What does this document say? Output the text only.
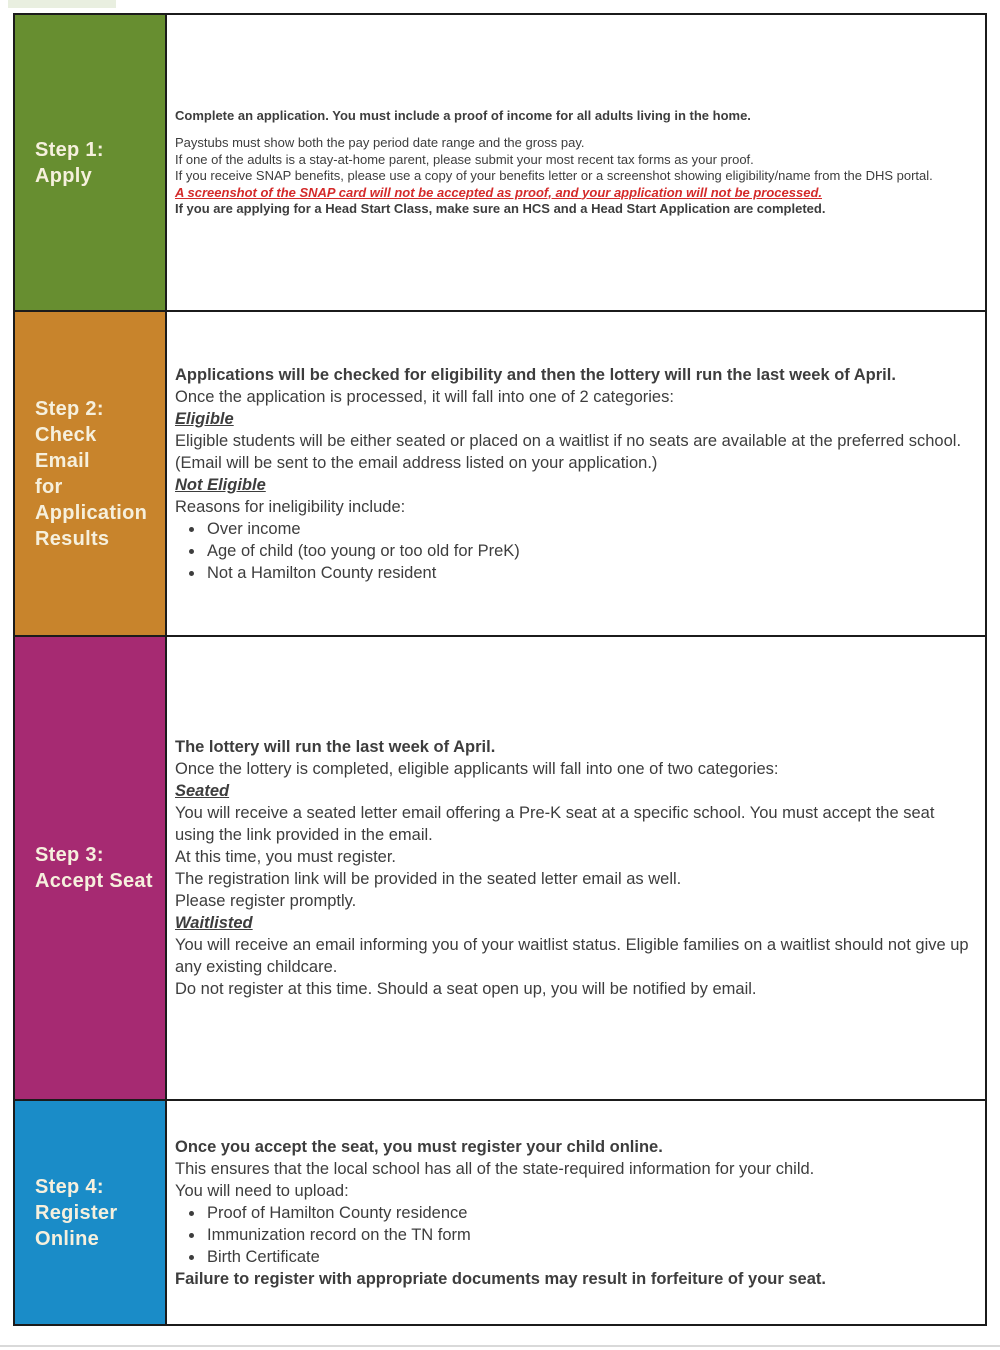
Step 1:
Apply

Complete an application. You must include a proof of income for all adults living in the home.

Paystubs must show both the pay period date range and the gross pay.

If one of the adults is a stay-at-home parent, please submit your most recent tax forms as your proof.

If you receive SNAP benefits, please use a copy of your benefits letter or a screenshot showing eligibility/name from the DHS portal.

A screenshot of the SNAP card will not be accepted as proof, and your application will not be processed.

If you are applying for a Head Start Class, make sure an HCS and a Head Start Application are completed.

Step 2:
Check Email
for
Application
Results

Applications will be checked for eligibility and then the lottery will run the last week of April.

Once the application is processed, it will fall into one of 2 categories:

Eligible

Eligible students will be either seated or placed on a waitlist if no seats are available at the preferred school. (Email will be sent to the email address listed on your application.)

Not Eligible

Reasons for ineligibility include:

• Over income
• Age of child (too young or too old for PreK)
• Not a Hamilton County resident
Step 3:
Accept Seat

The lottery will run the last week of April.

Once the lottery is completed, eligible applicants will fall into one of two categories:

Seated

You will receive a seated letter email offering a Pre-K seat at a specific school. You must accept the seat using the link provided in the email.

At this time, you must register.

The registration link will be provided in the seated letter email as well.

Please register promptly.

Waitlisted

You will receive an email informing you of your waitlist status. Eligible families on a waitlist should not give up any existing childcare.

Do not register at this time. Should a seat open up, you will be notified by email.

Step 4:
Register
Online

Once you accept the seat, you must register your child online.

This ensures that the local school has all of the state-required information for your child.

You will need to upload:

• Proof of Hamilton County residence
• Immunization record on the TN form
• Birth Certificate

Failure to register with appropriate documents may result in forfeiture of your seat.
